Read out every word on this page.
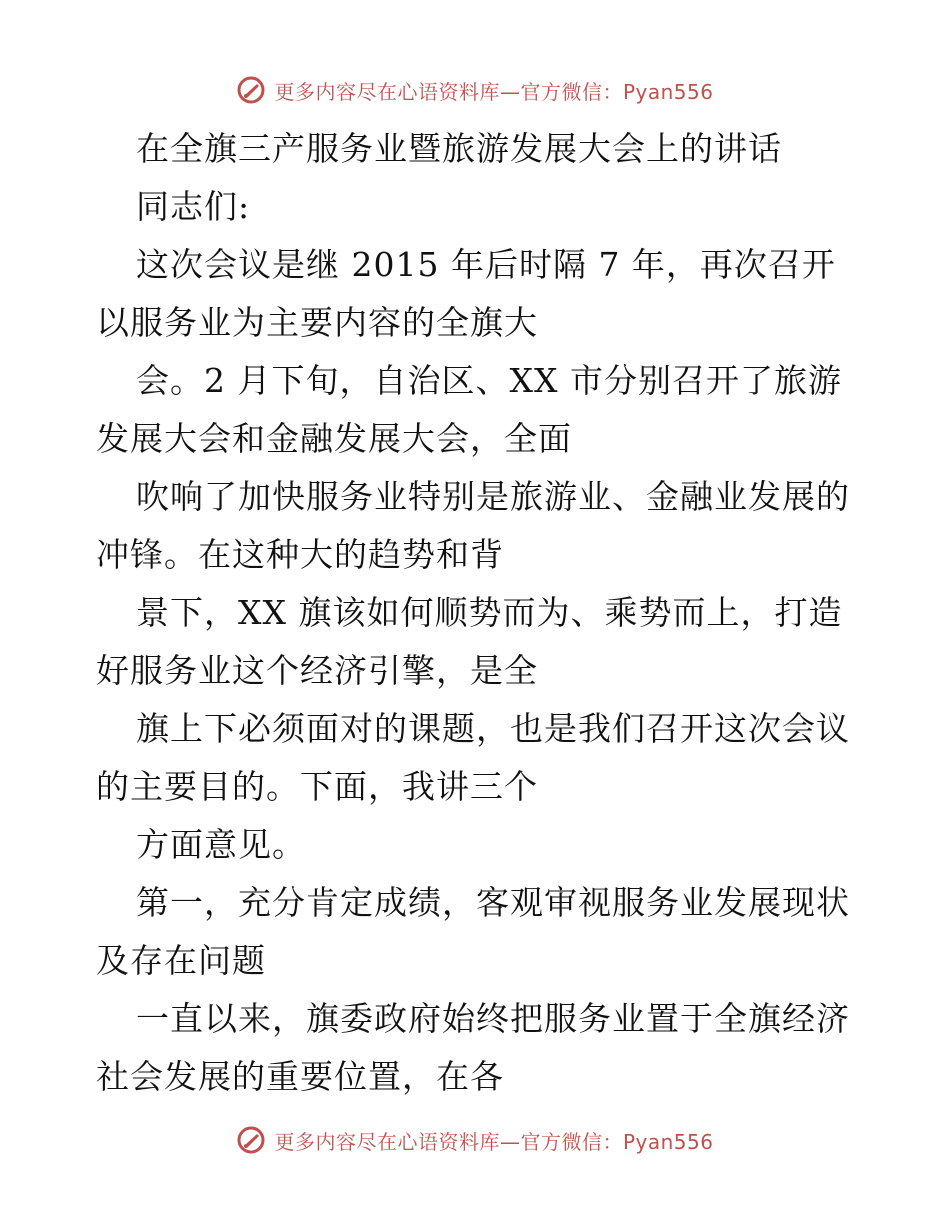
更多内容尽在心语资料库—官方微信：Pyan556
在全旗三产服务业暨旅游发展大会上的讲话
同志们:
这次会议是继 2015 年后时隔 7 年，再次召开
以服务业为主要内容的全旗大
会。2 月下旬，自治区、XX 市分别召开了旅游
发展大会和金融发展大会，全面
吹响了加快服务业特别是旅游业、金融业发展的
冲锋。在这种大的趋势和背
景下，XX 旗该如何顺势而为、乘势而上，打造
好服务业这个经济引擎，是全
旗上下必须面对的课题，也是我们召开这次会议
的主要目的。下面，我讲三个
方面意见。
第一，充分肯定成绩，客观审视服务业发展现状
及存在问题
一直以来，旗委政府始终把服务业置于全旗经济
社会发展的重要位置，在各
更多内容尽在心语资料库—官方微信：Pyan556
